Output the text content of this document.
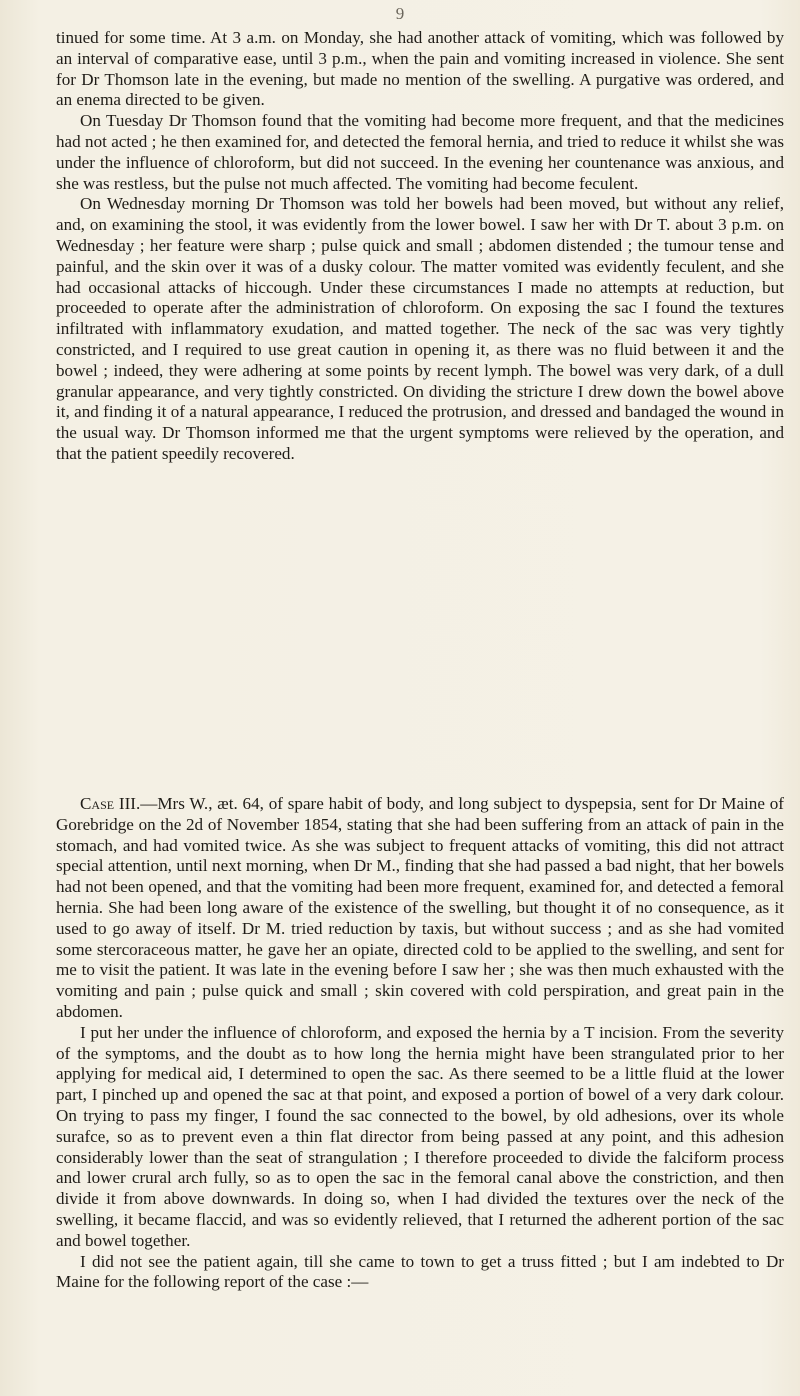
9

tinued for some time. At 3 a.m. on Monday, she had another attack of vomiting, which was followed by an interval of comparative ease, until 3 p.m., when the pain and vomiting increased in violence. She sent for Dr Thomson late in the evening, but made no mention of the swelling. A purgative was ordered, and an enema directed to be given.

On Tuesday Dr Thomson found that the vomiting had become more frequent, and that the medicines had not acted ; he then examined for, and detected the femoral hernia, and tried to reduce it whilst she was under the influence of chloroform, but did not succeed. In the evening her countenance was anxious, and she was restless, but the pulse not much affected. The vomiting had become feculent.

On Wednesday morning Dr Thomson was told her bowels had been moved, but without any relief, and, on examining the stool, it was evidently from the lower bowel. I saw her with Dr T. about 3 p.m. on Wednesday ; her feature were sharp ; pulse quick and small ; abdomen distended ; the tumour tense and painful, and the skin over it was of a dusky colour. The matter vomited was evidently feculent, and she had occasional attacks of hiccough. Under these circumstances I made no attempts at reduction, but proceeded to operate after the administration of chloroform. On exposing the sac I found the textures infiltrated with inflammatory exudation, and matted together. The neck of the sac was very tightly constricted, and I required to use great caution in opening it, as there was no fluid between it and the bowel ; indeed, they were adhering at some points by recent lymph. The bowel was very dark, of a dull granular appearance, and very tightly constricted. On dividing the stricture I drew down the bowel above it, and finding it of a natural appearance, I reduced the protrusion, and dressed and bandaged the wound in the usual way. Dr Thomson informed me that the urgent symptoms were relieved by the operation, and that the patient speedily recovered.

Case III.—Mrs W., æt. 64, of spare habit of body, and long subject to dyspepsia, sent for Dr Maine of Gorebridge on the 2d of November 1854, stating that she had been suffering from an attack of pain in the stomach, and had vomited twice. As she was subject to frequent attacks of vomiting, this did not attract special attention, until next morning, when Dr M., finding that she had passed a bad night, that her bowels had not been opened, and that the vomiting had been more frequent, examined for, and detected a femoral hernia. She had been long aware of the existence of the swelling, but thought it of no consequence, as it used to go away of itself. Dr M. tried reduction by taxis, but without success ; and as she had vomited some stercoraceous matter, he gave her an opiate, directed cold to be applied to the swelling, and sent for me to visit the patient. It was late in the evening before I saw her ; she was then much exhausted with the vomiting and pain ; pulse quick and small ; skin covered with cold perspiration, and great pain in the abdomen.

I put her under the influence of chloroform, and exposed the hernia by a T incision. From the severity of the symptoms, and the doubt as to how long the hernia might have been strangulated prior to her applying for medical aid, I determined to open the sac. As there seemed to be a little fluid at the lower part, I pinched up and opened the sac at that point, and exposed a portion of bowel of a very dark colour. On trying to pass my finger, I found the sac connected to the bowel, by old adhesions, over its whole surafce, so as to prevent even a thin flat director from being passed at any point, and this adhesion considerably lower than the seat of strangulation ; I therefore proceeded to divide the falciform process and lower crural arch fully, so as to open the sac in the femoral canal above the constriction, and then divide it from above downwards. In doing so, when I had divided the textures over the neck of the swelling, it became flaccid, and was so evidently relieved, that I returned the adherent portion of the sac and bowel together.

I did not see the patient again, till she came to town to get a truss fitted ; but I am indebted to Dr Maine for the following report of the case :—
